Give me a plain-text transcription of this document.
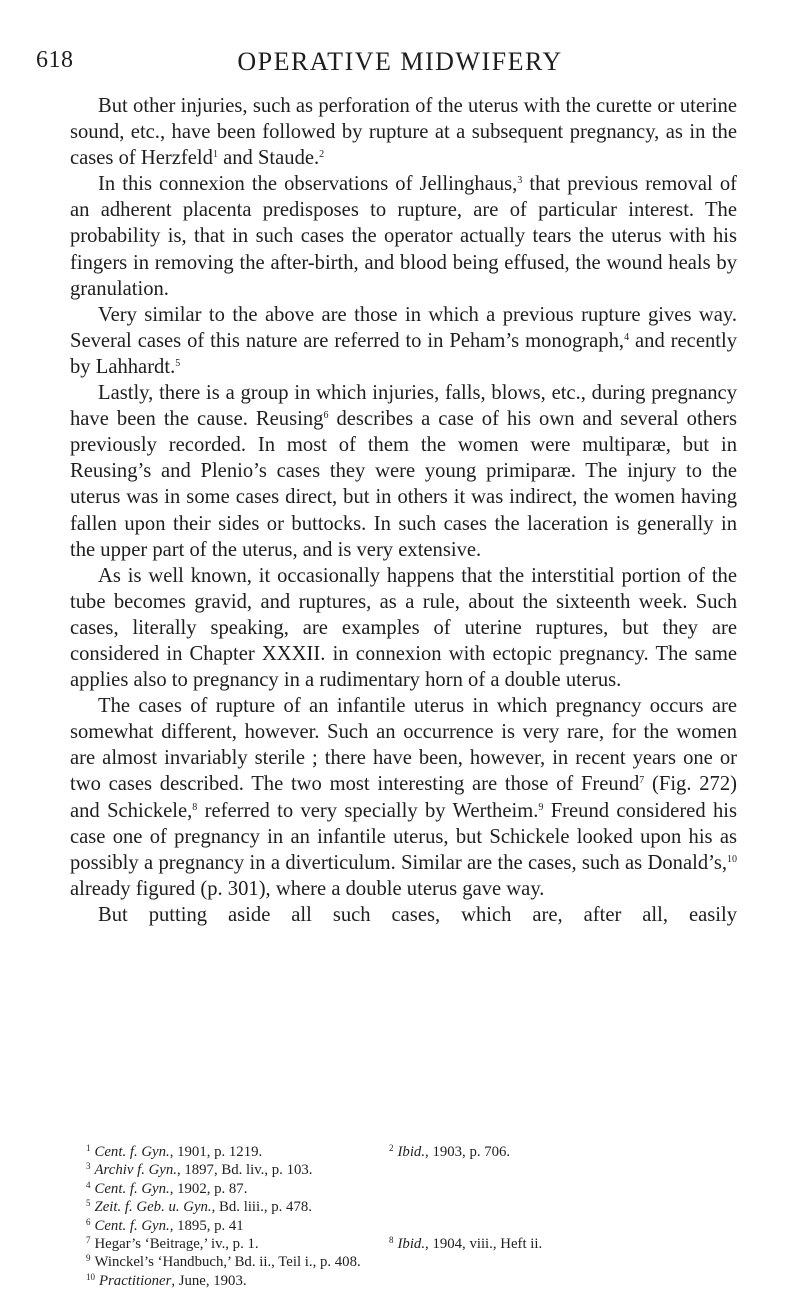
618	OPERATIVE MIDWIFERY

But other injuries, such as perforation of the uterus with the curette or uterine sound, etc., have been followed by rupture at a subsequent pregnancy, as in the cases of Herzfeld$^1$ and Staude.$^2$

In this connexion the observations of Jellinghaus,$^3$ that previous removal of an adherent placenta predisposes to rupture, are of particular interest. The probability is, that in such cases the operator actually tears the uterus with his fingers in removing the after-birth, and blood being effused, the wound heals by granulation.

Very similar to the above are those in which a previous rupture gives way. Several cases of this nature are referred to in Peham’s monograph,$^4$ and recently by Lahhardt.$^5$

Lastly, there is a group in which injuries, falls, blows, etc., during pregnancy have been the cause. Reusing$^6$ describes a case of his own and several others previously recorded. In most of them the women were multiparæ, but in Reusing’s and Plenio’s cases they were young primiparæ. The injury to the uterus was in some cases direct, but in others it was indirect, the women having fallen upon their sides or buttocks. In such cases the laceration is generally in the upper part of the uterus, and is very extensive.

As is well known, it occasionally happens that the interstitial portion of the tube becomes gravid, and ruptures, as a rule, about the sixteenth week. Such cases, literally speaking, are examples of uterine ruptures, but they are considered in Chapter XXXII. in connexion with ectopic pregnancy. The same applies also to pregnancy in a rudimentary horn of a double uterus.

The cases of rupture of an infantile uterus in which pregnancy occurs are somewhat different, however. Such an occurrence is very rare, for the women are almost invariably sterile ; there have been, however, in recent years one or two cases described. The two most interesting are those of Freund$^7$ (Fig. 272) and Schickele,$^8$ referred to very specially by Wertheim.$^9$ Freund considered his case one of pregnancy in an infantile uterus, but Schickele looked upon his as possibly a pregnancy in a diverticulum. Similar are the cases, such as Donald’s,$^{10}$ already figured (p. 301), where a double uterus gave way.

But putting aside all such cases, which are, after all, easily

$^1$ Cent. f. Gyn., 1901, p. 1219.	$^2$ Ibid., 1903, p. 706.
$^3$ Archiv f. Gyn., 1897, Bd. liv., p. 103.
$^4$ Cent. f. Gyn., 1902, p. 87.
$^5$ Zeit. f. Geb. u. Gyn., Bd. liii., p. 478.
$^6$ Cent. f. Gyn., 1895, p. 41
$^7$ Hegar’s ‘Beitrage,’ iv., p. 1.	$^8$ Ibid., 1904, viii., Heft ii.
$^9$ Winckel’s ‘Handbuch,’ Bd. ii., Teil i., p. 408.
$^{10}$ Practitioner, June, 1903.
